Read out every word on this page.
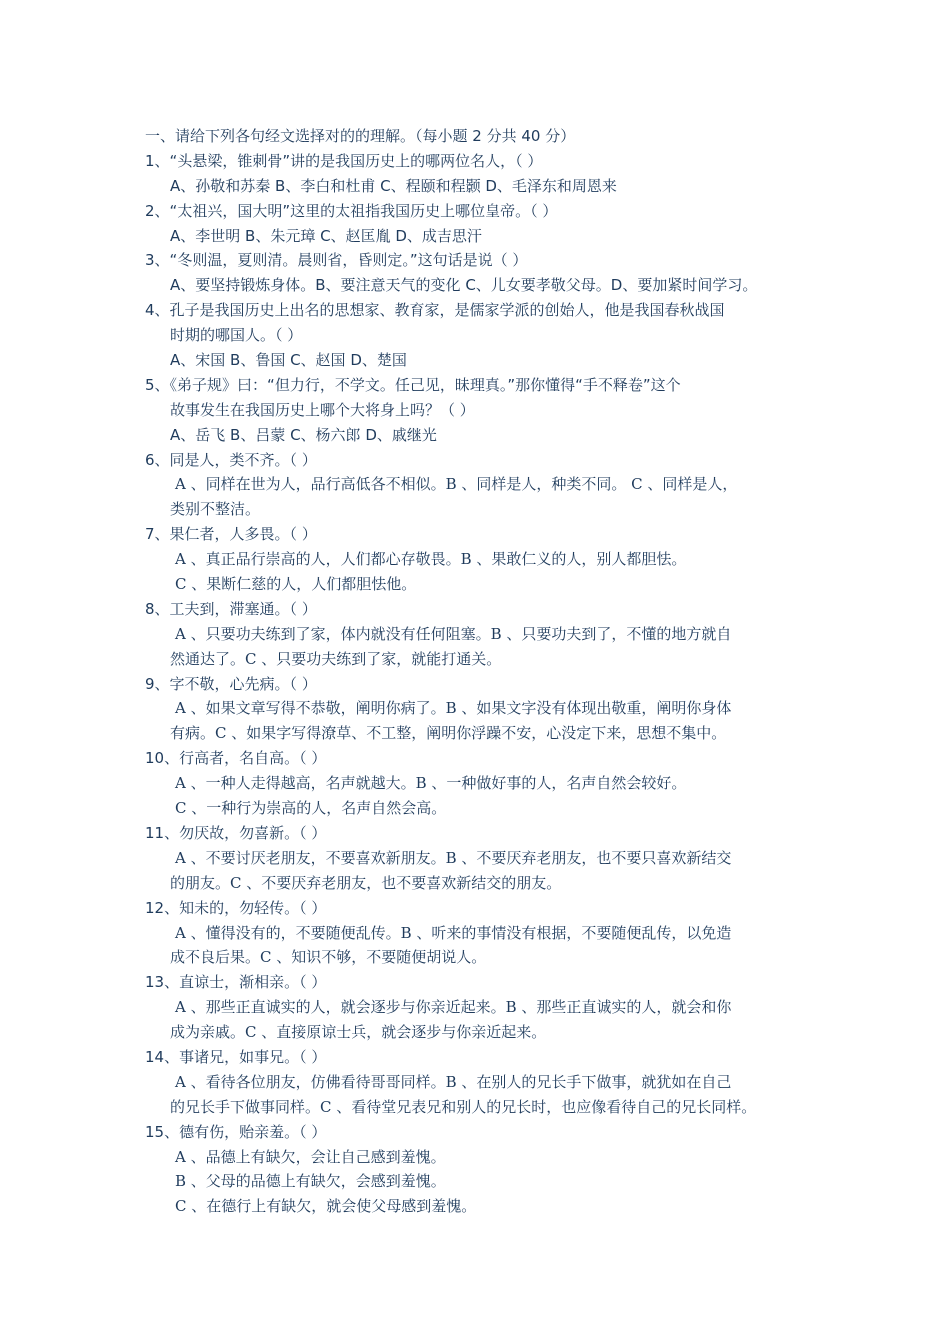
一、请给下列各句经文选择对的的理解。（每小题 2 分共 40 分）
1、“头悬梁，锥刺骨”讲的是我国历史上的哪两位名人，（ ）
A、孙敬和苏秦 B、李白和杜甫 C、程颐和程颢 D、毛泽东和周恩来
2、“太祖兴，国大明”这里的太祖指我国历史上哪位皇帝。（ ）
A、李世明 B、朱元璋 C、赵匡胤 D、成吉思汗
3、“冬则温，夏则清。晨则省，昏则定。”这句话是说（ ）
A、要坚持锻炼身体。B、要注意天气的变化 C、儿女要孝敬父母。D、要加紧时间学习。
4、孔子是我国历史上出名的思想家、教育家，是儒家学派的创始人，他是我国春秋战国
时期的哪国人。（ ）
A、宋国 B、鲁国 C、赵国 D、楚国
5、《弟子规》曰：“但力行，不学文。任己见，昧理真。”那你懂得“手不释卷”这个
故事发生在我国历史上哪个大将身上吗？（ ）
A、岳飞 B、吕蒙 C、杨六郎 D、戚继光
6、同是人，类不齐。（ ）
A 、同样在世为人，品行高低各不相似。B 、同样是人，种类不同。 C 、同样是人，
类别不整洁。
7、果仁者，人多畏。（ ）
A 、真正品行崇高的人，人们都心存敬畏。B 、果敢仁义的人，别人都胆怯。
C 、果断仁慈的人，人们都胆怯他。
8、工夫到，滞塞通。（ ）
A 、只要功夫练到了家，体内就没有任何阻塞。B 、只要功夫到了，不懂的地方就自
然通达了。C 、只要功夫练到了家，就能打通关。
9、字不敬，心先病。（ ）
A 、如果文章写得不恭敬，阐明你病了。B 、如果文字没有体现出敬重，阐明你身体
有病。C 、如果字写得潦草、不工整，阐明你浮躁不安，心没定下来，思想不集中。
10、行高者，名自高。（ ）
A 、一种人走得越高，名声就越大。B 、一种做好事的人，名声自然会较好。
C 、一种行为崇高的人，名声自然会高。
11、勿厌故，勿喜新。（ ）
A 、不要讨厌老朋友，不要喜欢新朋友。B 、不要厌弃老朋友，也不要只喜欢新结交
的朋友。C 、不要厌弃老朋友，也不要喜欢新结交的朋友。
12、知未的，勿轻传。（ ）
A 、懂得没有的，不要随便乱传。B 、听来的事情没有根据，不要随便乱传，以免造
成不良后果。C 、知识不够，不要随便胡说人。
13、直谅士，渐相亲。（ ）
A 、那些正直诚实的人，就会逐步与你亲近起来。B 、那些正直诚实的人，就会和你
成为亲戚。C 、直接原谅士兵，就会逐步与你亲近起来。
14、事诸兄，如事兄。（ ）
A 、看待各位朋友，仿佛看待哥哥同样。B 、在别人的兄长手下做事，就犹如在自己
的兄长手下做事同样。C 、看待堂兄表兄和别人的兄长时，也应像看待自己的兄长同样。
15、德有伤，贻亲羞。（ ）
A 、品德上有缺欠，会让自己感到羞愧。
B 、父母的品德上有缺欠，会感到羞愧。
C 、在德行上有缺欠，就会使父母感到羞愧。
